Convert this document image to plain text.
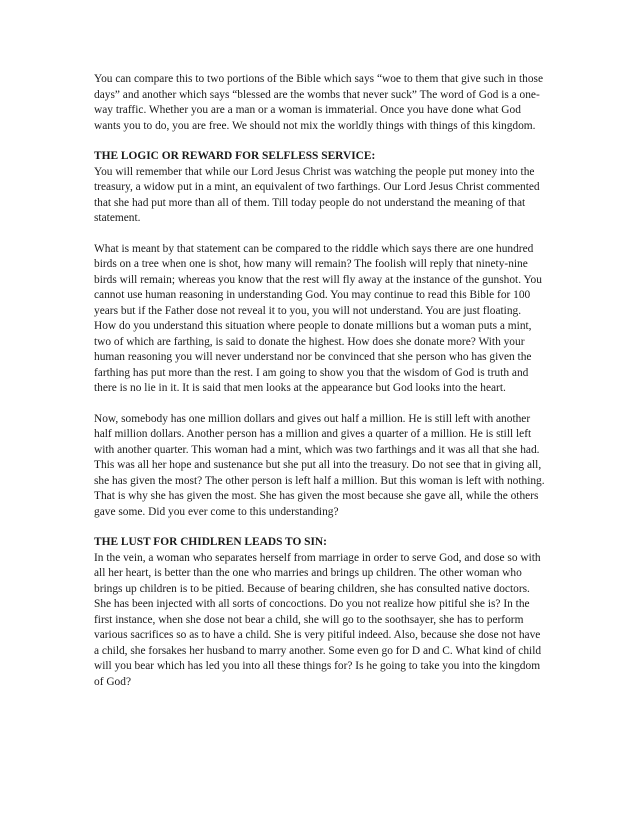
You can compare this to two portions of the Bible which says “woe to them that give such in those days” and another which says “blessed are the wombs that never suck” The word of God is a one-way traffic. Whether you are a man or a woman is immaterial. Once you have done what God wants you to do, you are free. We should not mix the worldly things with things of this kingdom.

THE LOGIC OR REWARD FOR SELFLESS SERVICE:

You will remember that while our Lord Jesus Christ was watching the people put money into the treasury, a widow put in a mint, an equivalent of two farthings. Our Lord Jesus Christ commented that she had put more than all of them. Till today people do not understand the meaning of that statement.

What is meant by that statement can be compared to the riddle which says there are one hundred birds on a tree when one is shot, how many will remain? The foolish will reply that ninety-nine birds will remain; whereas you know that the rest will fly away at the instance of the gunshot. You cannot use human reasoning in understanding God. You may continue to read this Bible for 100 years but if the Father dose not reveal it to you, you will not understand. You are just floating. How do you understand this situation where people to donate millions but a woman puts a mint, two of which are farthing, is said to donate the highest. How does she donate more? With your human reasoning you will never understand nor be convinced that she person who has given the farthing has put more than the rest. I am going to show you that the wisdom of God is truth and there is no lie in it. It is said that men looks at the appearance but God looks into the heart.

Now, somebody has one million dollars and gives out half a million. He is still left with another half million dollars. Another person has a million and gives a quarter of a million. He is still left with another quarter. This woman had a mint, which was two farthings and it was all that she had. This was all her hope and sustenance but she put all into the treasury. Do not see that in giving all, she has given the most? The other person is left half a million. But this woman is left with nothing. That is why she has given the most. She has given the most because she gave all, while the others gave some. Did you ever come to this understanding?

THE LUST FOR CHIDLREN LEADS TO SIN:

In the vein, a woman who separates herself from marriage in order to serve God, and dose so with all her heart, is better than the one who marries and brings up children. The other woman who brings up children is to be pitied. Because of bearing children, she has consulted native doctors. She has been injected with all sorts of concoctions. Do you not realize how pitiful she is? In the first instance, when she dose not bear a child, she will go to the soothsayer, she has to perform various sacrifices so as to have a child. She is very pitiful indeed. Also, because she dose not have a child, she forsakes her husband to marry another. Some even go for D and C. What kind of child will you bear which has led you into all these things for? Is he going to take you into the kingdom of God?
